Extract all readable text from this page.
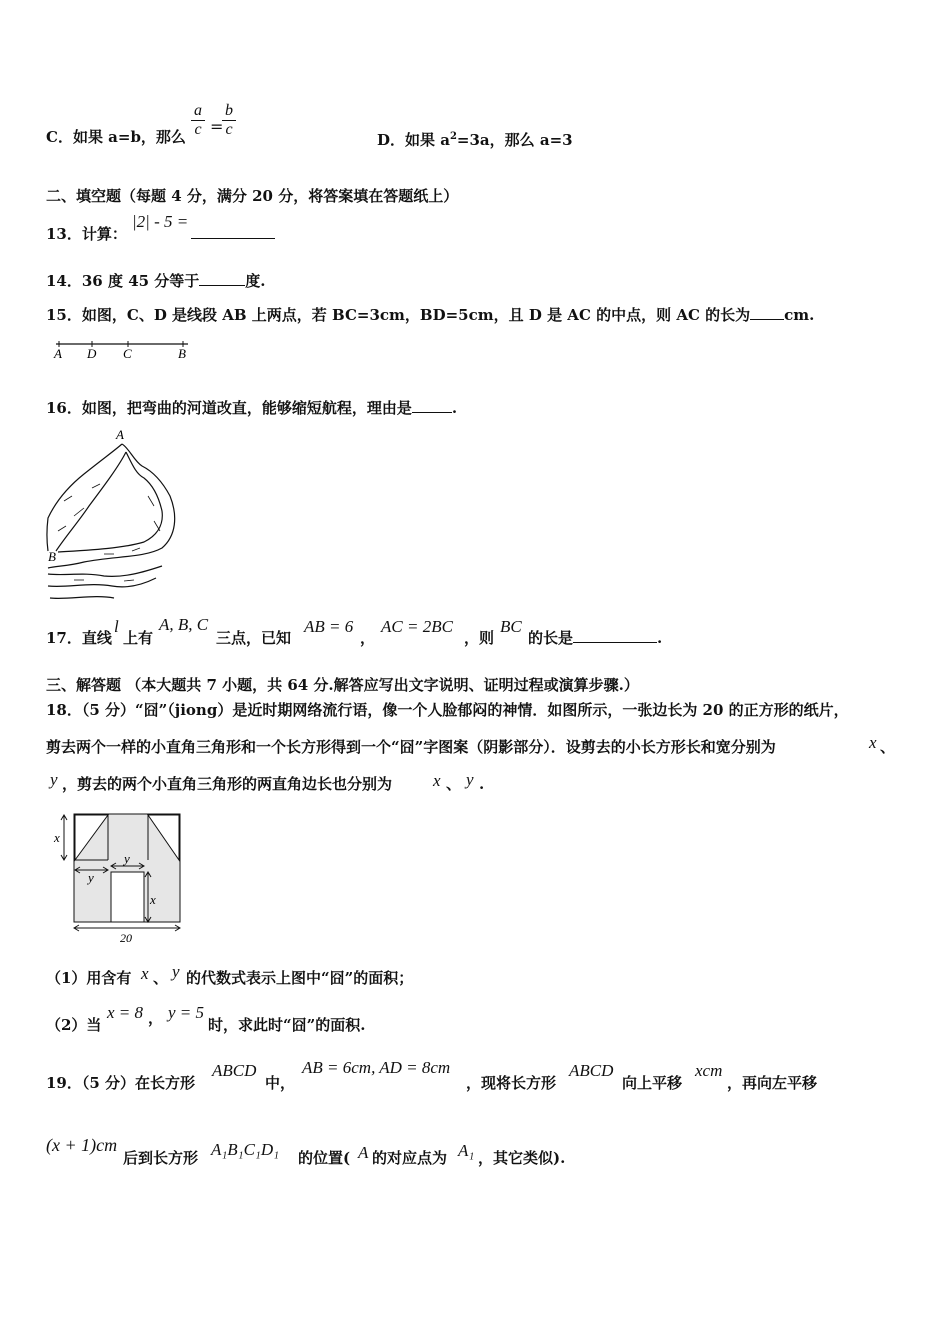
C．如果 a=b，那么 $\frac{a}{c}$ =
$\frac{b}{c}$
D．如果 $a^2=3a$，那么 a=3
二、填空题（每题 4 分，满分 20 分，将答案填在答题纸上）
13．计算：
|2| - 5 =
14．36 度 45 分等于	度.
15．如图，C、D 是线段 AB 上两点，若 BC=3cm，BD=5cm，且 D 是 AC 的中点，则 AC 的长为 cm.
A D C	B
16．如图，把弯曲的河道改直，能够缩短航程，理由是	.
A
B
17．直线
l
上有
A, B, C
三点，已知
AB = 6
，
AC = 2BC
，则
BC
的长是	.
三、解答题 （本大题共 7 小题，共 64 分.解答应写出文字说明、证明过程或演算步骤.）
18．（5 分）“囧”（jiong）是近时期网络流行语，像一个人脸郁闷的神情．如图所示，一张边长为 20 的正方形的纸片，
剪去两个一样的小直角三角形和一个长方形得到一个“囧”字图案（阴影部分）．设剪去的小长方形长和宽分别为	x 、
y ，剪去的两个小直角三角形的两直角边长也分别为 x 、 y .
x
y
y
x
20
（1）用含有 x 、 y 的代数式表示上图中“囧”的面积；
（2）当
x = 8 ， y = 5
时，求此时“囧”的面积.
19．（5 分）在长方形
ABCD
中，
AB = 6cm, AD = 8cm
，现将长方形
ABCD
向上平移
xcm
，再向左平移
(x + 1)cm
后到长方形 A₁B₁C₁D₁ 的位置( A 的对应点为 A₁ ，其它类似).
